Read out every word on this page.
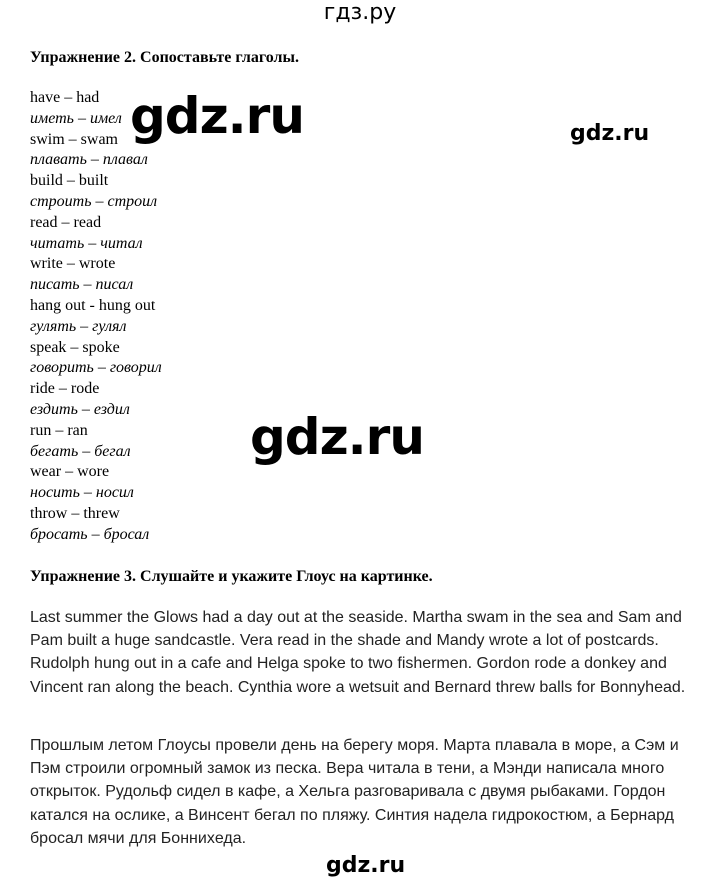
гдз.ру
Упражнение 2. Сопоставьте глаголы.
have – had
иметь – имел
swim – swam
плавать – плавал
build – built
строить – строил
read – read
читать – читал
write – wrote
писать – писал
hang out - hung out
гулять – гулял
speak – spoke
говорить – говорил
ride – rode
ездить – ездил
run – ran
бегать – бегал
wear – wore
носить – носил
throw – threw
бросать – бросал
gdz.ru	gdz.ru
gdz.ru
Упражнение 3. Слушайте и укажите Глоус на картинке.

Last summer the Glows had a day out at the seaside. Martha swam in the sea and Sam and Pam built a huge sandcastle. Vera read in the shade and Mandy wrote a lot of postcards. Rudolph hung out in a cafe and Helga spoke to two fishermen. Gordon rode a donkey and Vincent ran along the beach. Cynthia wore a wetsuit and Bernard threw balls for Bonnyhead.

Прошлым летом Глоусы провели день на берегу моря. Марта плавала в море, а Сэм и Пэм строили огромный замок из песка. Вера читала в тени, а Мэнди написала много открыток. Рудольф сидел в кафе, а Хельга разговаривала с двумя рыбаками. Гордон катался на ослике, а Винсент бегал по пляжу. Синтия надела гидрокостюм, а Бернард бросал мячи для Бонниxеда.

gdz.ru
